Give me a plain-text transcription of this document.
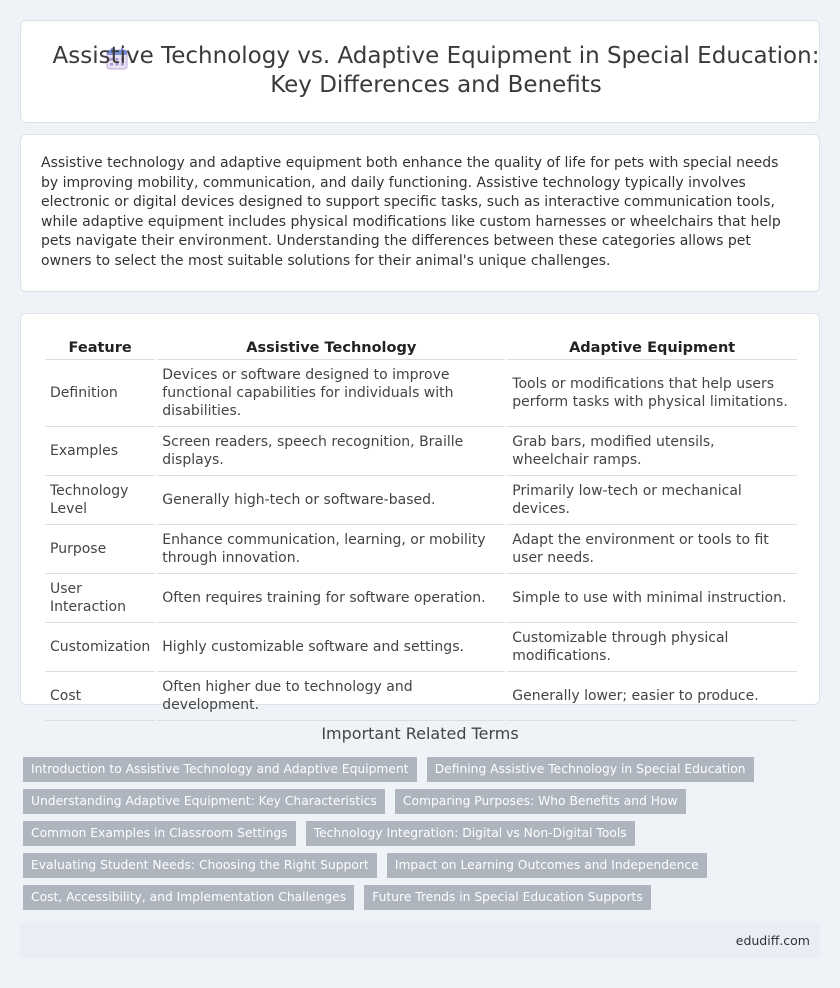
Assistive Technology vs. Adaptive Equipment in Special Education: Key Differences and Benefits

Assistive technology and adaptive equipment both enhance the quality of life for pets with special needs by improving mobility, communication, and daily functioning. Assistive technology typically involves electronic or digital devices designed to support specific tasks, such as interactive communication tools, while adaptive equipment includes physical modifications like custom harnesses or wheelchairs that help pets navigate their environment. Understanding the differences between these categories allows pet owners to select the most suitable solutions for their animal's unique challenges.

Feature	Assistive Technology	Adaptive Equipment
Definition	Devices or software designed to improve functional capabilities for individuals with disabilities.	Tools or modifications that help users perform tasks with physical limitations.
Examples	Screen readers, speech recognition, Braille displays.	Grab bars, modified utensils, wheelchair ramps.
Technology Level	Generally high-tech or software-based.	Primarily low-tech or mechanical devices.
Purpose	Enhance communication, learning, or mobility through innovation.	Adapt the environment or tools to fit user needs.
User Interaction	Often requires training for software operation.	Simple to use with minimal instruction.
Customization	Highly customizable software and settings.	Customizable through physical modifications.
Cost	Often higher due to technology and development.	Generally lower; easier to produce.
Important Related Terms
Introduction to Assistive Technology and Adaptive Equipment Defining Assistive Technology in Special Education
Understanding Adaptive Equipment: Key Characteristics Comparing Purposes: Who Benefits and How
Common Examples in Classroom Settings Technology Integration: Digital vs Non-Digital Tools
Evaluating Student Needs: Choosing the Right Support Impact on Learning Outcomes and Independence
Cost, Accessibility, and Implementation Challenges Future Trends in Special Education Supports
edudiff.com
